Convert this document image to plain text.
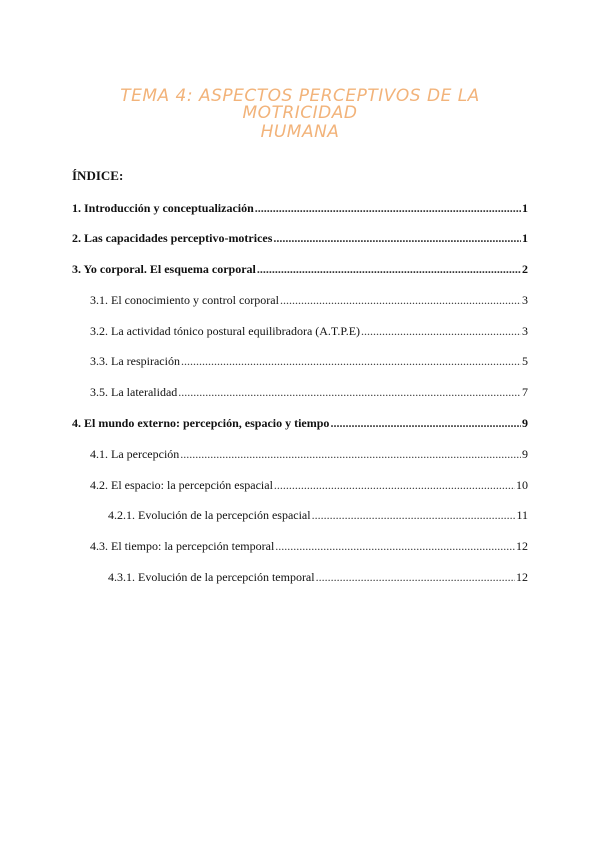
TEMA 4: ASPECTOS PERCEPTIVOS DE LA MOTRICIDAD
HUMANA
ÍNDICE:
1. Introducción y conceptualización .....	1
2. Las capacidades perceptivo-motrices .....	1
3. Yo corporal. El esquema corporal .....	2
3.1. El conocimiento y control corporal .....	3
3.2. La actividad tónico postural equilibradora (A.T.P.E) .....	3
3.3. La respiración .....	5
3.5. La lateralidad .....	7
4. El mundo externo: percepción, espacio y tiempo .....	9
4.1. La percepción .....	9
4.2. El espacio: la percepción espacial .....	10
4.2.1. Evolución de la percepción espacial .....	11
4.3. El tiempo: la percepción temporal .....	12
4.3.1. Evolución de la percepción temporal .....	12
